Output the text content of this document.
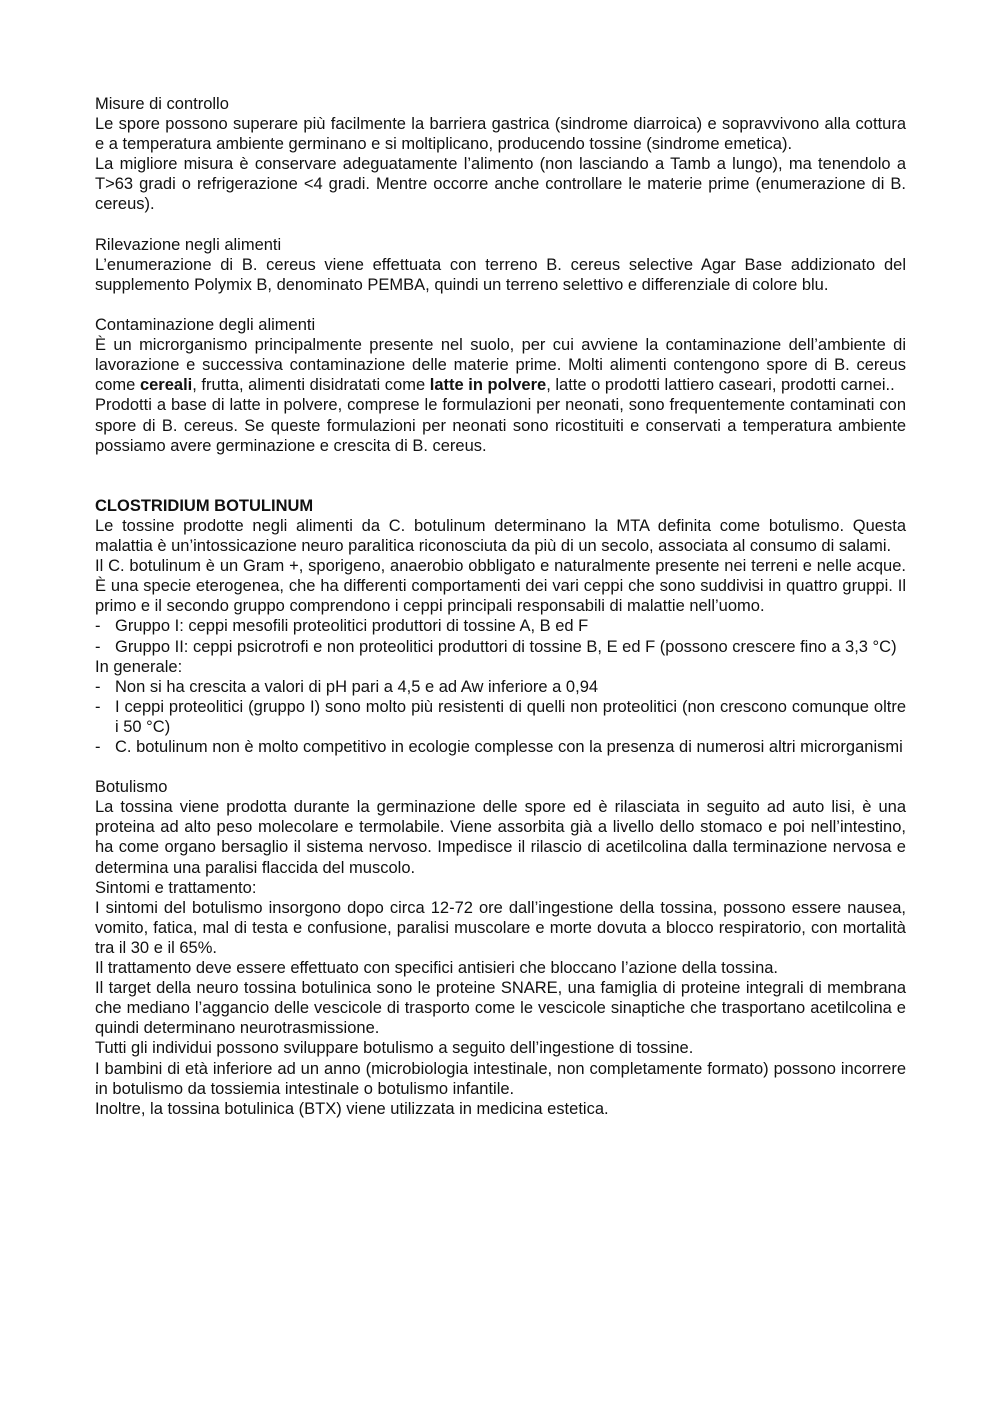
Misure di controllo

Le spore possono superare più facilmente la barriera gastrica (sindrome diarroica) e sopravvivono alla cottura e a temperatura ambiente germinano e si moltiplicano, producendo tossine (sindrome emetica).

La migliore misura è conservare adeguatamente l’alimento (non lasciando a Tamb a lungo), ma tenendolo a T>63 gradi o refrigerazione <4 gradi. Mentre occorre anche controllare le materie prime (enumerazione di B. cereus).

Rilevazione negli alimenti

L’enumerazione di B. cereus viene effettuata con terreno B. cereus selective Agar Base addizionato del supplemento Polymix B, denominato PEMBA, quindi un terreno selettivo e differenziale di colore blu.

Contaminazione degli alimenti

È un microrganismo principalmente presente nel suolo, per cui avviene la contaminazione dell’ambiente di lavorazione e successiva contaminazione delle materie prime. Molti alimenti contengono spore di B. cereus come cereali, frutta, alimenti disidratati come latte in polvere, latte o prodotti lattiero caseari, prodotti carnei..

Prodotti a base di latte in polvere, comprese le formulazioni per neonati, sono frequentemente contaminati con spore di B. cereus. Se queste formulazioni per neonati sono ricostituiti e conservati a temperatura ambiente possiamo avere germinazione e crescita di B. cereus.

CLOSTRIDIUM BOTULINUM

Le tossine prodotte negli alimenti da C. botulinum determinano la MTA definita come botulismo. Questa malattia è un’intossicazione neuro paralitica riconosciuta da più di un secolo, associata al consumo di salami.

Il C. botulinum è un Gram +, sporigeno, anaerobio obbligato e naturalmente presente nei terreni e nelle acque. È una specie eterogenea, che ha differenti comportamenti dei vari ceppi che sono suddivisi in quattro gruppi. Il primo e il secondo gruppo comprendono i ceppi principali responsabili di malattie nell’uomo.

- Gruppo I: ceppi mesofili proteolitici produttori di tossine A, B ed F
- Gruppo II: ceppi psicrotrofi e non proteolitici produttori di tossine B, E ed F (possono crescere fino a 3,3 °C)

In generale:

- Non si ha crescita a valori di pH pari a 4,5 e ad Aw inferiore a 0,94
- I ceppi proteolitici (gruppo I) sono molto più resistenti di quelli non proteolitici (non crescono comunque oltre i 50 °C)
- C. botulinum non è molto competitivo in ecologie complesse con la presenza di numerosi altri microrganismi

Botulismo

La tossina viene prodotta durante la germinazione delle spore ed è rilasciata in seguito ad auto lisi, è una proteina ad alto peso molecolare e termolabile. Viene assorbita già a livello dello stomaco e poi nell’intestino, ha come organo bersaglio il sistema nervoso. Impedisce il rilascio di acetilcolina dalla terminazione nervosa e determina una paralisi flaccida del muscolo.

Sintomi e trattamento:

I sintomi del botulismo insorgono dopo circa 12-72 ore dall’ingestione della tossina, possono essere nausea, vomito, fatica, mal di testa e confusione, paralisi muscolare e morte dovuta a blocco respiratorio, con mortalità tra il 30 e il 65%.

Il trattamento deve essere effettuato con specifici antisieri che bloccano l’azione della tossina.

Il target della neuro tossina botulinica sono le proteine SNARE, una famiglia di proteine integrali di membrana che mediano l’aggancio delle vescicole di trasporto come le vescicole sinaptiche che trasportano acetilcolina e quindi determinano neurotrasmissione.

Tutti gli individui possono sviluppare botulismo a seguito dell’ingestione di tossine.

I bambini di età inferiore ad un anno (microbiologia intestinale, non completamente formato) possono incorrere in botulismo da tossiemia intestinale o botulismo infantile.

Inoltre, la tossina botulinica (BTX) viene utilizzata in medicina estetica.
